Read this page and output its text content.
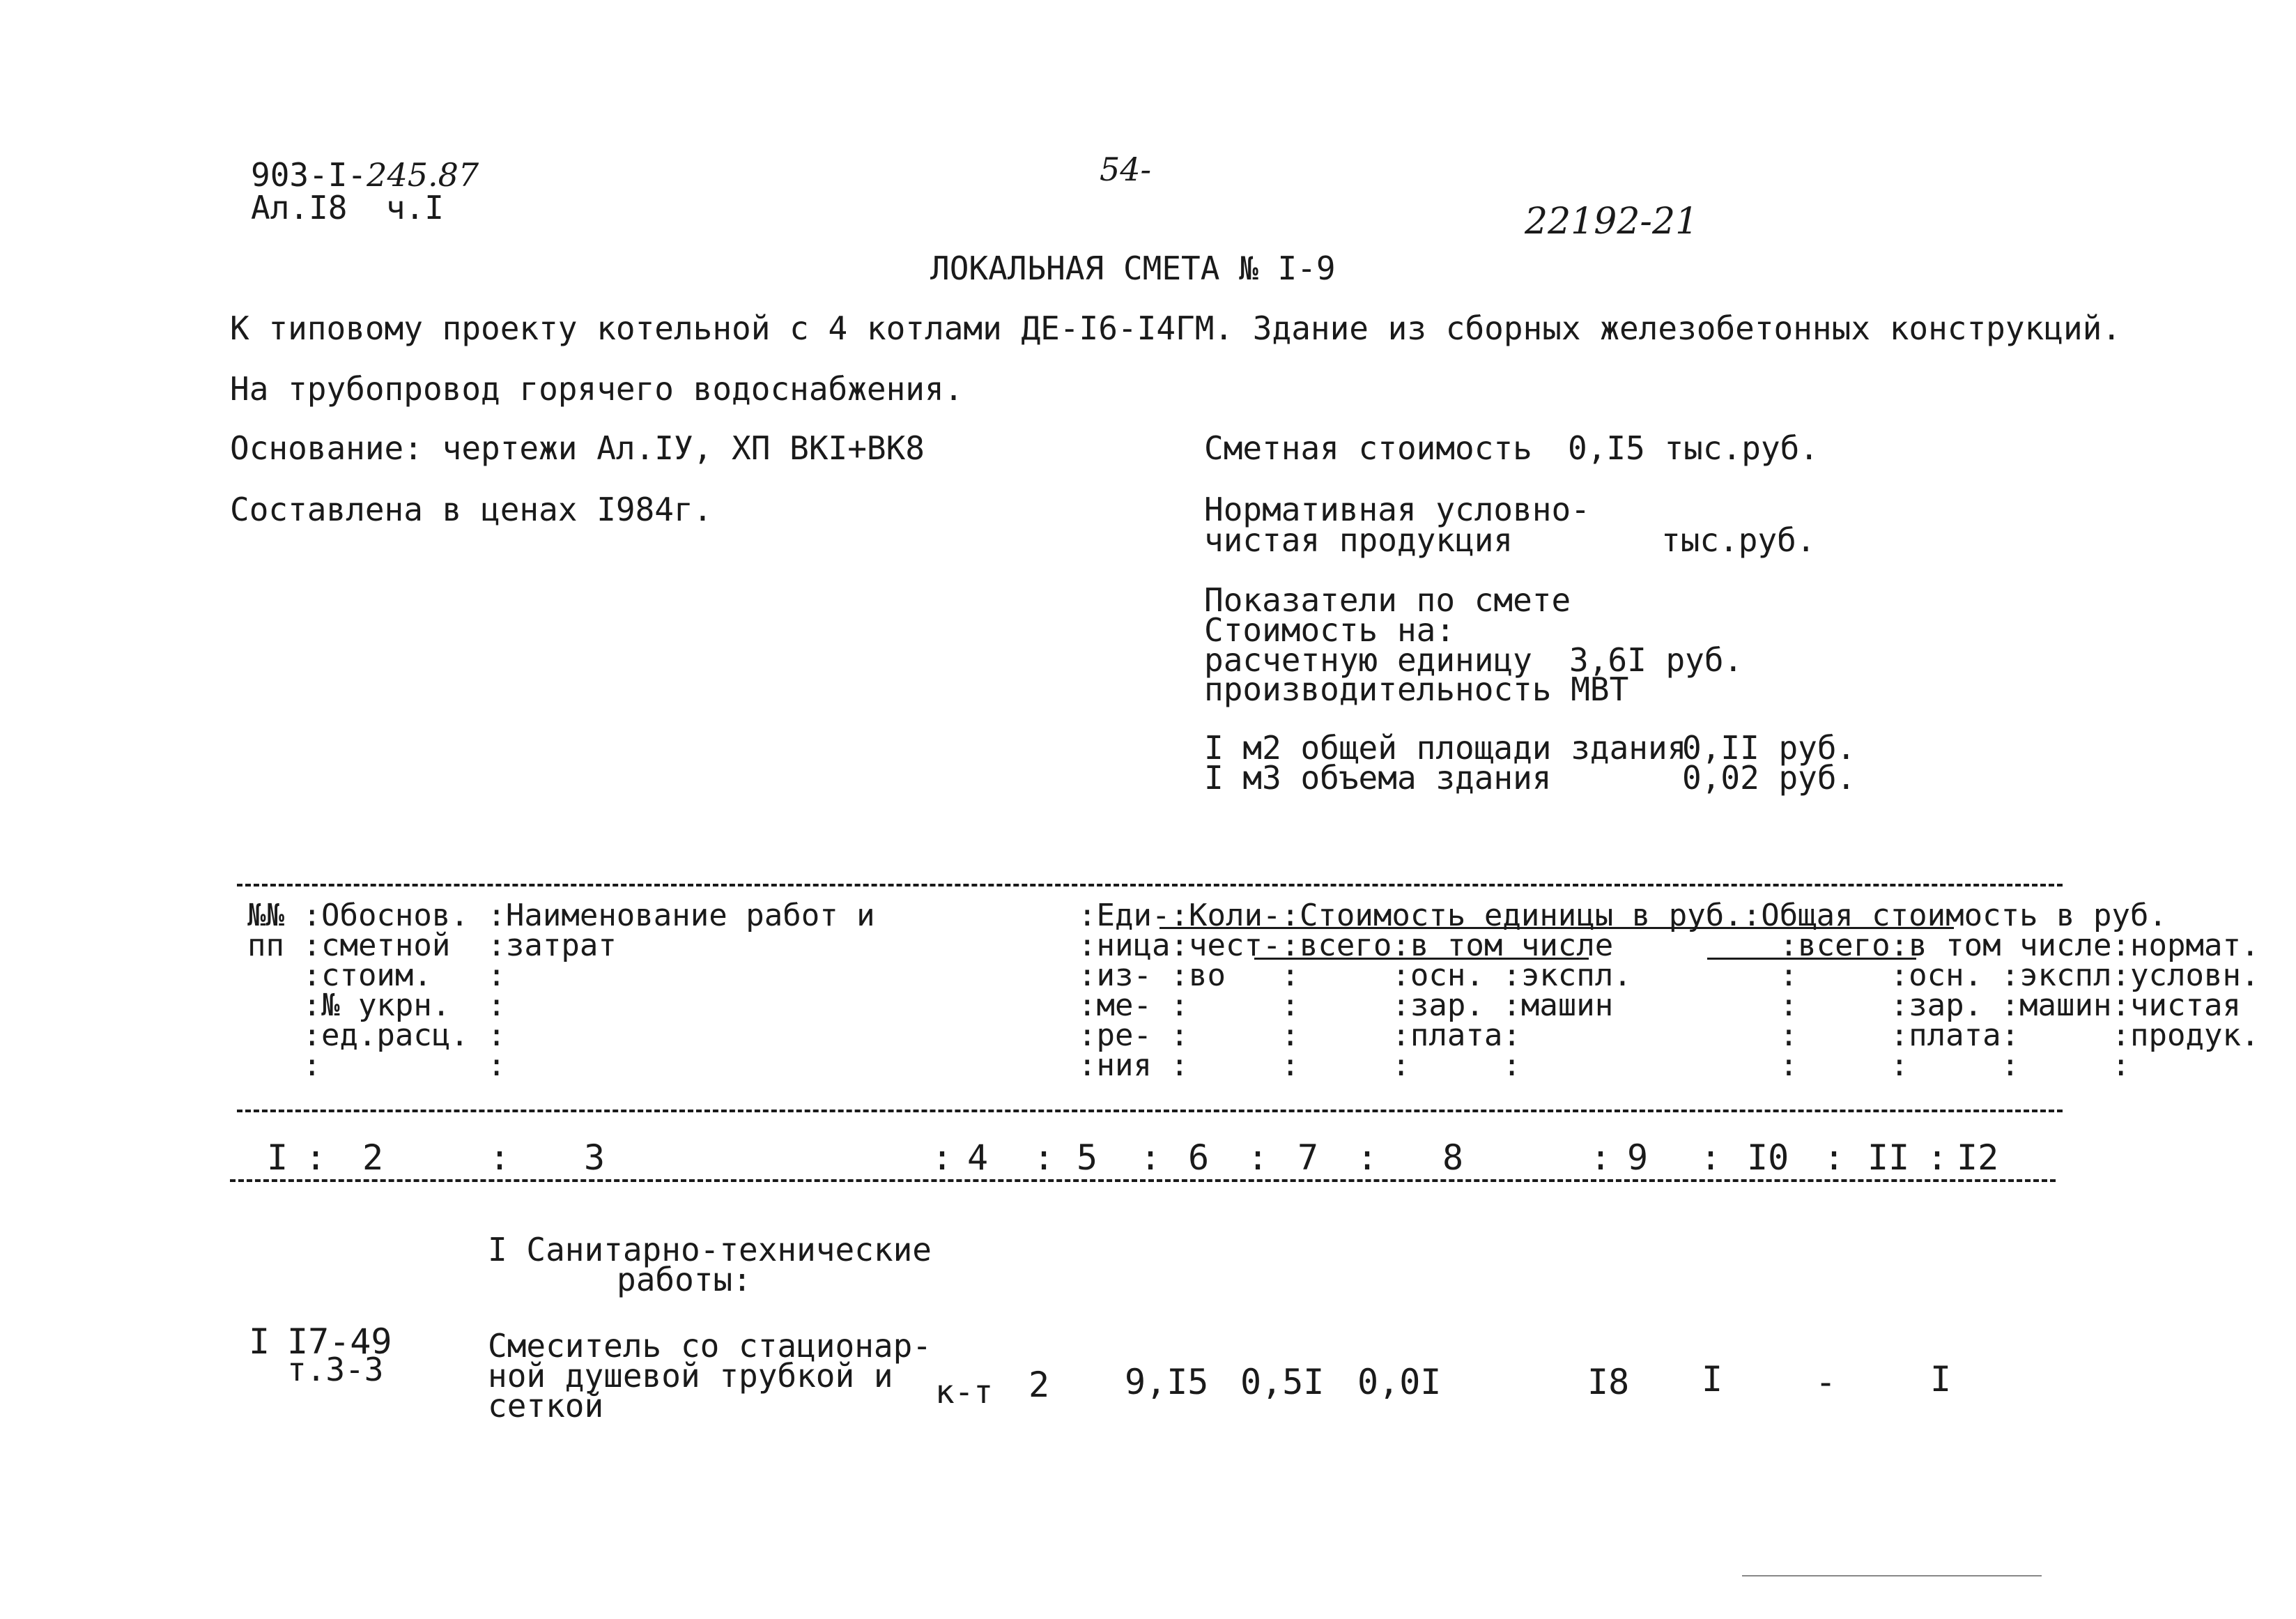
903-I-245.87
Ал.I8  ч.I
54-
22192-21
ЛОКАЛЬНАЯ СМЕТА № I-9
К типовому проекту котельной с 4 котлами ДЕ-I6-I4ГМ. Здание из сборных железобетонных конструкций.
На трубопровод горячего водоснабжения.
Основание: чертежи Ал.IУ, ХП ВКI+ВК8
Составлена в ценах I984г.
Сметная стоимость 0,I5 тыс.руб.
Нормативная условно-
чистая продукция	тыс.руб.
Показатели по смете
Стоимость на:
расчетную единицу 3,6I руб.
производительность МВТ
I м2 общей площади здания
0,II руб.
I м3 объема здания	0,02 руб.
№№ :Обоснов. :Наименование работ и           :Еди-:Коли-:Стоимость единицы в руб.:Общая стоимость в руб.
пп :сметной  :затрат                         :ница:чест-:всего:в том числе         :всего:в том числе:нормат.
:стоим.   :                               :из- :во   :     :осн. :экспл.        :     :осн. :экспл:условн.
:№ укрн.  :                               :ме- :     :     :зар. :машин         :     :зар. :машин:чистая
:ед.расц. :                               :ре- :     :     :плата:              :     :плата:     :продук.
:         :                               :ния :     :     :     :              :     :     :     :
I 2	3	4	5	6	7	8	9	I0 II I2
:	:	: : : :	:	:	:	: :
I Санитарно-технические
работы:
I I7-49
т.3-3
Смеситель со стационар-
ной душевой трубкой и
сеткой	к-т 2 9,I5 0,5I 0,0I	I8 I	-	I
